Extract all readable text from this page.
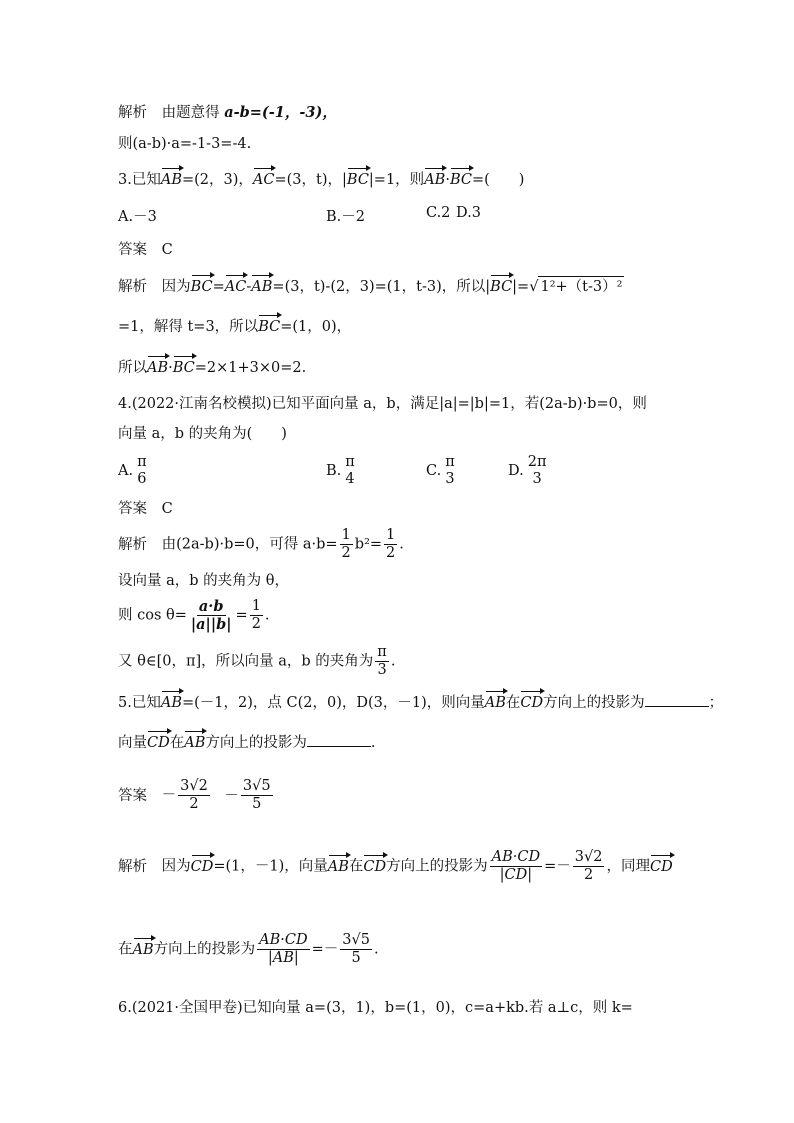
解析 由题意得 a-b=(-1，-3)，
则(a-b)·a=-1-3=-4.
3.已知AB=(2，3)，AC=(3，t)，|BC|=1，则AB·BC=(　　)
A.－3	B.－2	C.2 D.3
答案 C
解析 因为BC=AC-AB=(3，t)-(2，3)=(1，t-3)，所以|BC|=√ 1²+（t-3）²
=1，解得 t=3，所以BC=(1，0)，
所以AB·BC=2×1+3×0=2.
4.(2022·江南名校模拟)已知平面向量 a，b，满足|a|=|b|=1，若(2a-b)·b=0，则
向量 a，b 的夹角为(　　)
A.
π
6	B.
π
4	C.
π
3	D.
2π
3
答案 C
解析 由(2a-b)·b=0，可得 $a\cdot b= \frac{1}{2} b^2= \frac{1}{2}$ .
设向量 a，b 的夹角为 θ，
则 $\cos \theta= \frac{a\cdot b}{|a||b|} = \frac{1}{2}$ .
又 θ∈[0，π]，所以向量 a，b 的夹角为 $\frac{\pi}{3}$ .
5.已知AB=(－1，2)，点 C(2，0)，D(3，－1)，则向量AB在CD方向上的投影为	；
向量CD在AB方向上的投影为	.
答案 － $\frac{3√2}{2} - \frac{3√5}{5}$
解析 因为CD=(1，－1)，向量AB在CD方向上的投影为 $\frac{AB\cdot CD}{|CD|} =- \frac{3√2}{2}$ ，同理CD
在AB方向上的投影为 $\frac{AB\cdot CD}{|AB|} =- \frac{3√5}{5}$ .
6.(2021·全国甲卷)已知向量 a=(3，1)，b=(1，0)，c=a+kb.若 a⊥c，则 k=
